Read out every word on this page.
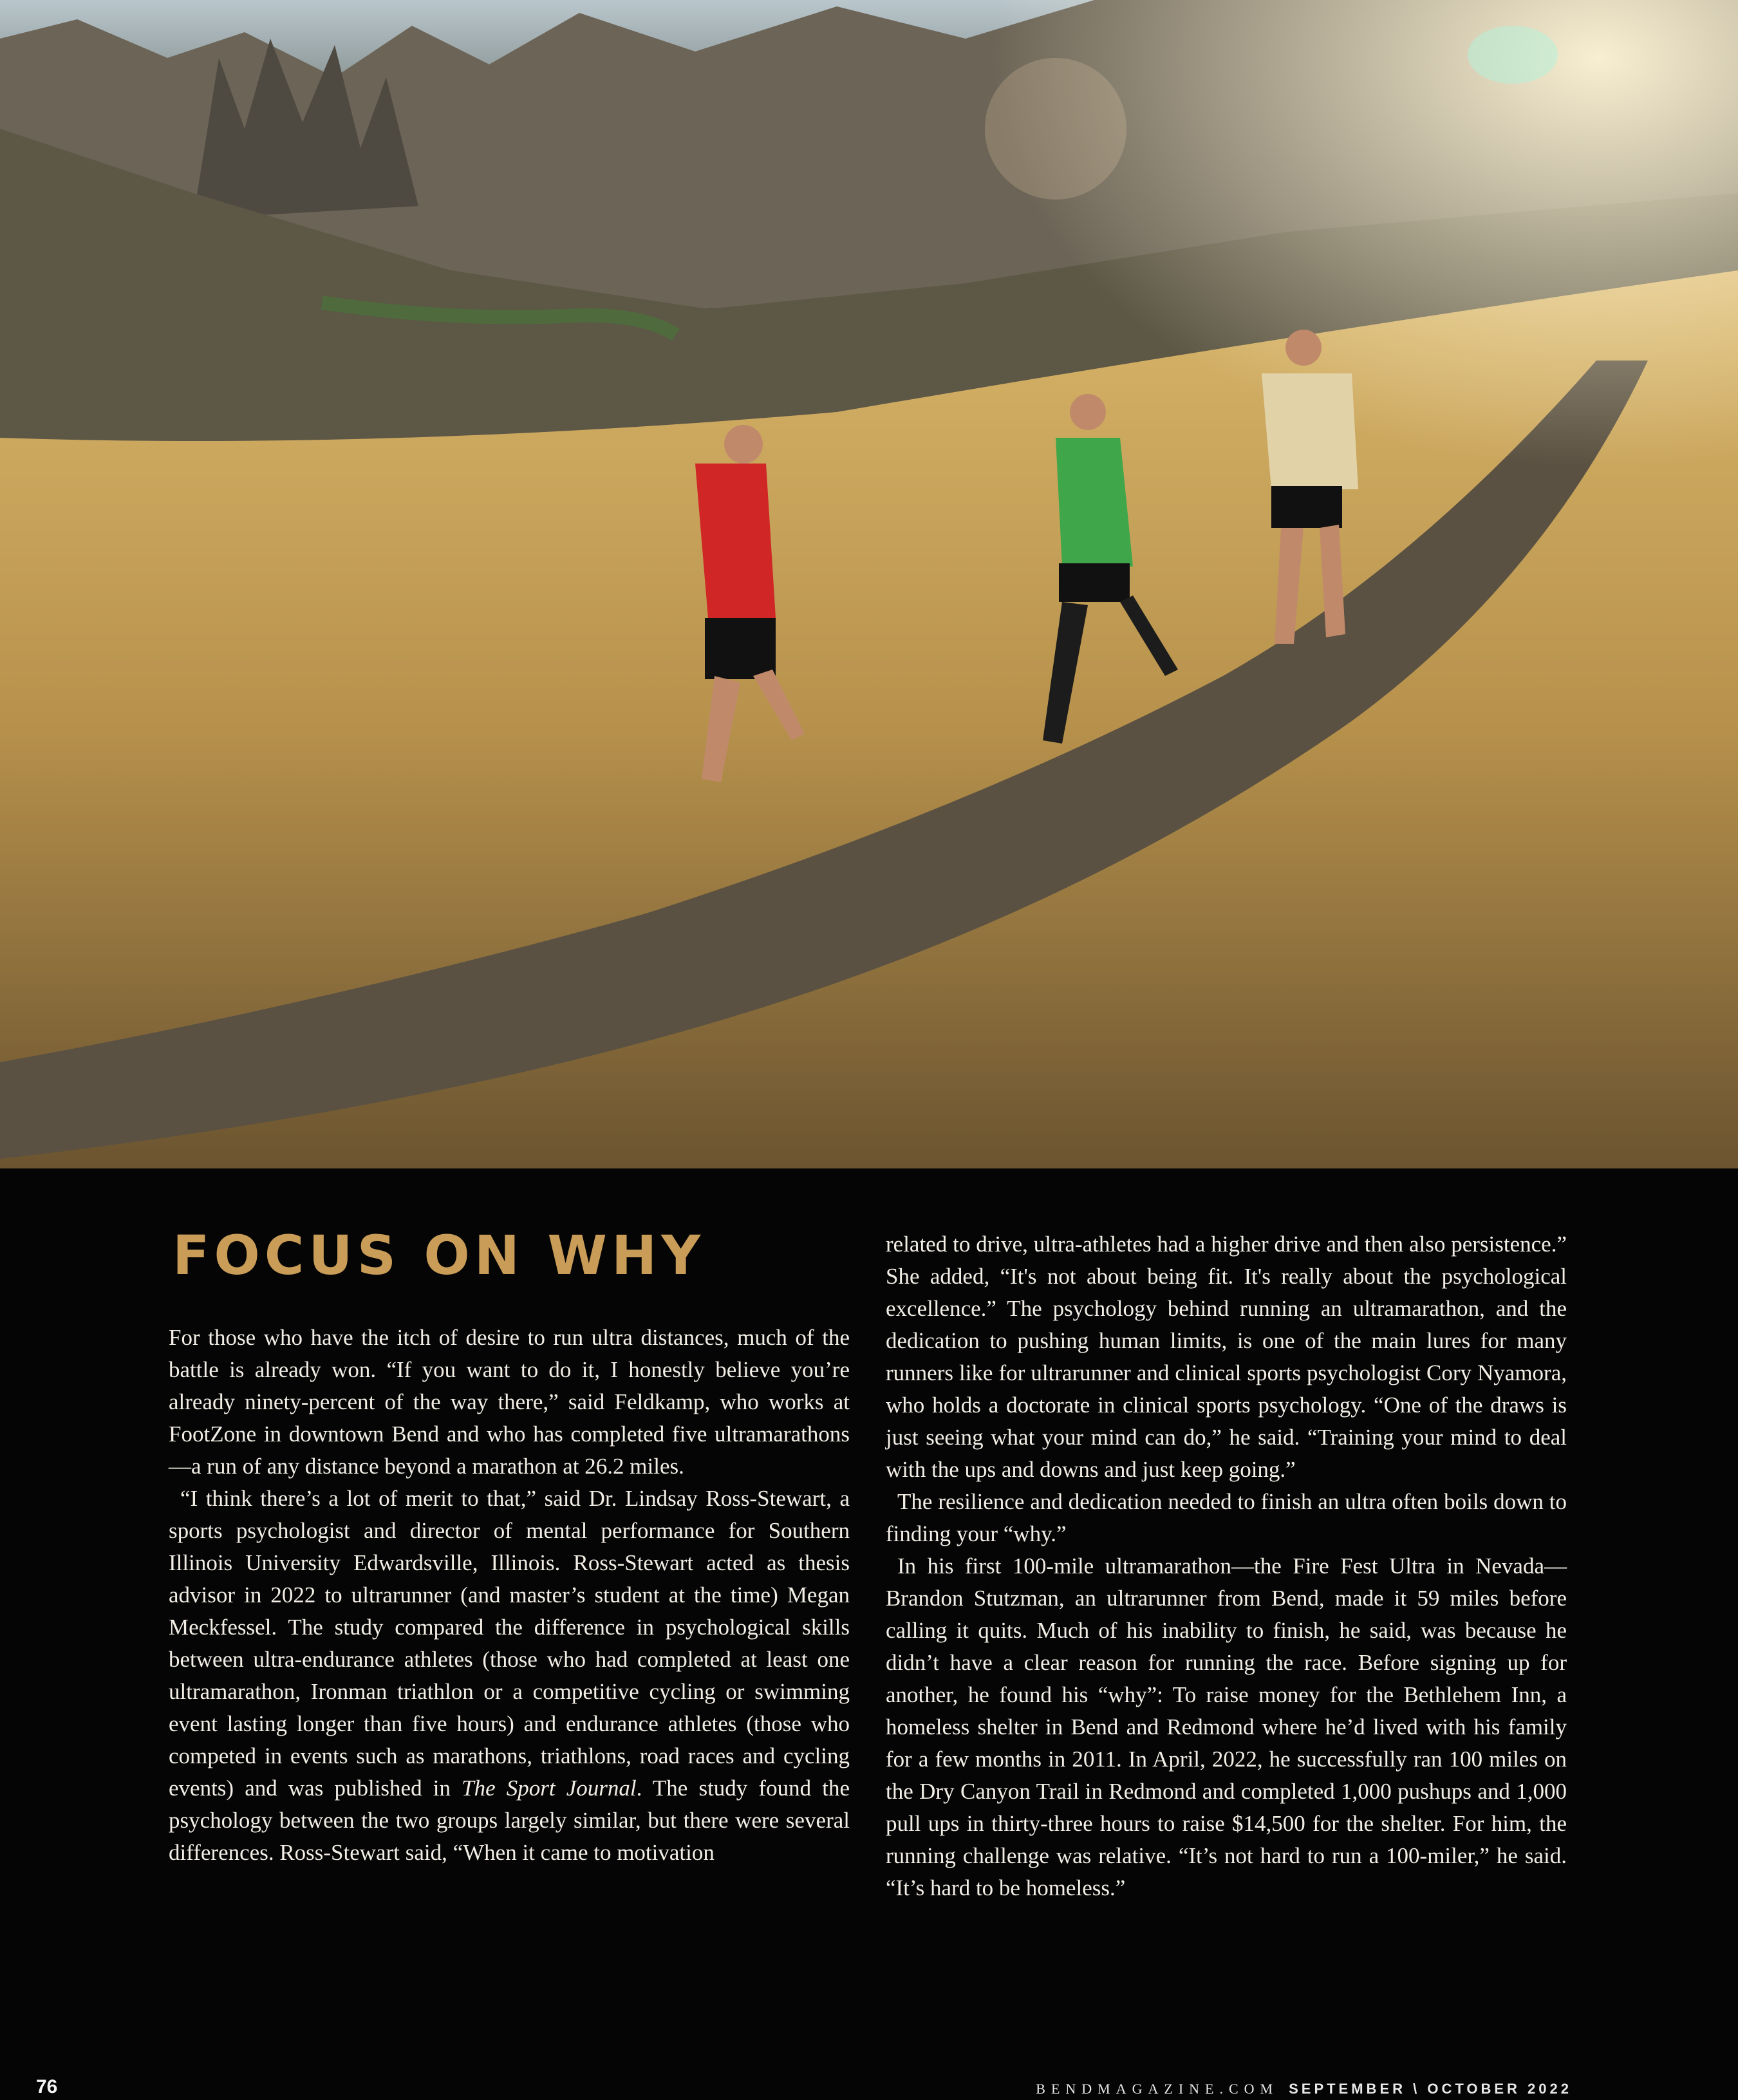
FOCUS ON WHY

For those who have the itch of desire to run ultra distances, much of the battle is already won. “If you want to do it, I honestly believe you’re already ninety-percent of the way there,” said Feldkamp, who works at FootZone in downtown Bend and who has completed five ultramarathons—a run of any distance beyond a marathon at 26.2 miles.

“I think there’s a lot of merit to that,” said Dr. Lindsay Ross-Stewart, a sports psychologist and director of mental performance for Southern Illinois University Edwardsville, Illinois. Ross-Stewart acted as thesis advisor in 2022 to ultrarunner (and master’s student at the time) Megan Meckfessel. The study compared the difference in psychological skills between ultra-endurance athletes (those who had completed at least one ultramarathon, Ironman triathlon or a competitive cycling or swimming event lasting longer than five hours) and endurance athletes (those who competed in events such as marathons, triathlons, road races and cycling events) and was published in The Sport Journal. The study found the psychology between the two groups largely similar, but there were several differences. Ross-Stewart said, “When it came to motivation

related to drive, ultra-athletes had a higher drive and then also persistence.” She added, “It's not about being fit. It's really about the psychological excellence.” The psychology behind running an ultramarathon, and the dedication to pushing human limits, is one of the main lures for many runners like for ultrarunner and clinical sports psychologist Cory Nyamora, who holds a doctorate in clinical sports psychology. “One of the draws is just seeing what your mind can do,” he said. “Training your mind to deal with the ups and downs and just keep going.”

The resilience and dedication needed to finish an ultra often boils down to finding your “why.”

In his first 100-mile ultramarathon—the Fire Fest Ultra in Nevada—Brandon Stutzman, an ultrarunner from Bend, made it 59 miles before calling it quits. Much of his inability to finish, he said, was because he didn’t have a clear reason for running the race. Before signing up for another, he found his “why”: To raise money for the Bethlehem Inn, a homeless shelter in Bend and Redmond where he’d lived with his family for a few months in 2011. In April, 2022, he successfully ran 100 miles on the Dry Canyon Trail in Redmond and completed 1,000 pushups and 1,000 pull ups in thirty-three hours to raise $14,500 for the shelter. For him, the running challenge was relative. “It’s not hard to run a 100-miler,” he said. “It’s hard to be homeless.”

76	BENDMAGAZINE.COM SEPTEMBER \ OCTOBER 2022
